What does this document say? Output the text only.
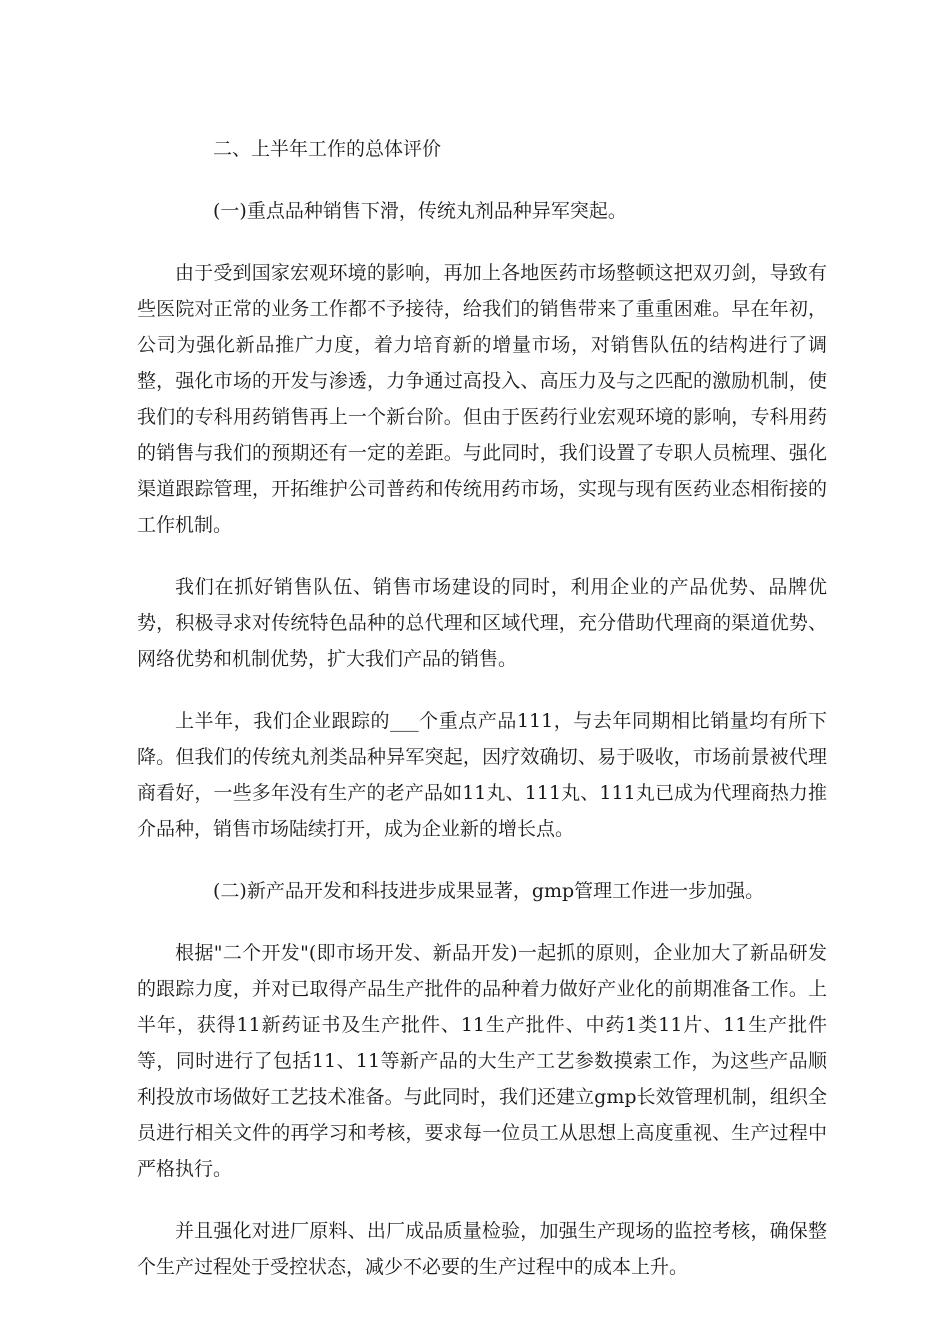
二、上半年工作的总体评价

(一)重点品种销售下滑，传统丸剂品种异军突起。

由于受到国家宏观环境的影响，再加上各地医药市场整顿这把双刃剑，导致有些医院对正常的业务工作都不予接待，给我们的销售带来了重重困难。早在年初，公司为强化新品推广力度，着力培育新的增量市场，对销售队伍的结构进行了调整，强化市场的开发与渗透，力争通过高投入、高压力及与之匹配的激励机制，使我们的专科用药销售再上一个新台阶。但由于医药行业宏观环境的影响，专科用药的销售与我们的预期还有一定的差距。与此同时，我们设置了专职人员梳理、强化渠道跟踪管理，开拓维护公司普药和传统用药市场，实现与现有医药业态相衔接的工作机制。

我们在抓好销售队伍、销售市场建设的同时，利用企业的产品优势、品牌优势，积极寻求对传统特色品种的总代理和区域代理，充分借助代理商的渠道优势、网络优势和机制优势，扩大我们产品的销售。

上半年，我们企业跟踪的___个重点产品111，与去年同期相比销量均有所下降。但我们的传统丸剂类品种异军突起，因疗效确切、易于吸收，市场前景被代理商看好，一些多年没有生产的老产品如11丸、111丸、111丸已成为代理商热力推介品种，销售市场陆续打开，成为企业新的增长点。

(二)新产品开发和科技进步成果显著，gmp管理工作进一步加强。

根据"二个开发"(即市场开发、新品开发)一起抓的原则，企业加大了新品研发的跟踪力度，并对已取得产品生产批件的品种着力做好产业化的前期准备工作。上半年，获得11新药证书及生产批件、11生产批件、中药1类11片、11生产批件等，同时进行了包括11、11等新产品的大生产工艺参数摸索工作，为这些产品顺利投放市场做好工艺技术准备。与此同时，我们还建立gmp长效管理机制，组织全员进行相关文件的再学习和考核，要求每一位员工从思想上高度重视、生产过程中严格执行。

并且强化对进厂原料、出厂成品质量检验，加强生产现场的监控考核，确保整个生产过程处于受控状态，减少不必要的生产过程中的成本上升。
